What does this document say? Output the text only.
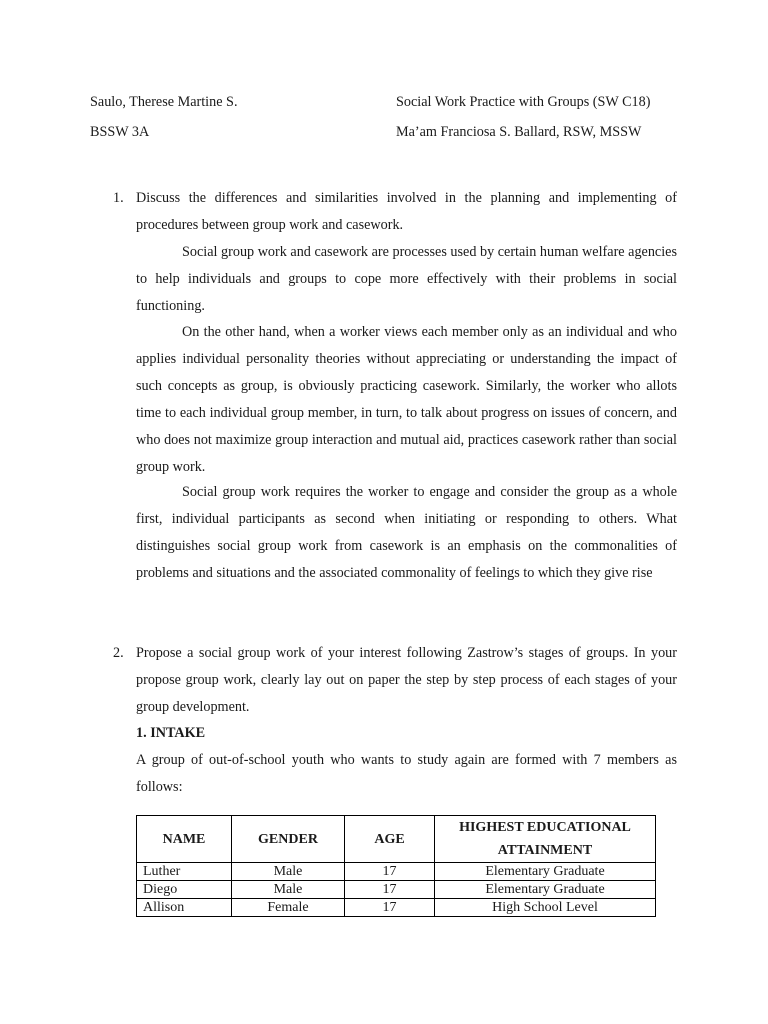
Saulo, Therese Martine S.	Social Work Practice with Groups (SW C18)
BSSW 3A	Ma’am Franciosa S. Ballard, RSW, MSSW
1. Discuss the differences and similarities involved in the planning and implementing of procedures between group work and casework.

Social group work and casework are processes used by certain human welfare agencies to help individuals and groups to cope more effectively with their problems in social functioning.

On the other hand, when a worker views each member only as an individual and who applies individual personality theories without appreciating or understanding the impact of such concepts as group, is obviously practicing casework. Similarly, the worker who allots time to each individual group member, in turn, to talk about progress on issues of concern, and who does not maximize group interaction and mutual aid, practices casework rather than social group work.

Social group work requires the worker to engage and consider the group as a whole first, individual participants as second when initiating or responding to others. What distinguishes social group work from casework is an emphasis on the commonalities of problems and situations and the associated commonality of feelings to which they give rise

2. Propose a social group work of your interest following Zastrow’s stages of groups. In your propose group work, clearly lay out on paper the step by step process of each stages of your group development.

1. INTAKE

A group of out-of-school youth who wants to study again are formed with 7 members as follows:

NAME	GENDER	AGE	HIGHEST EDUCATIONAL ATTAINMENT
Luther	Male	17	Elementary Graduate
Diego	Male	17	Elementary Graduate
Allison	Female	17	High School Level
